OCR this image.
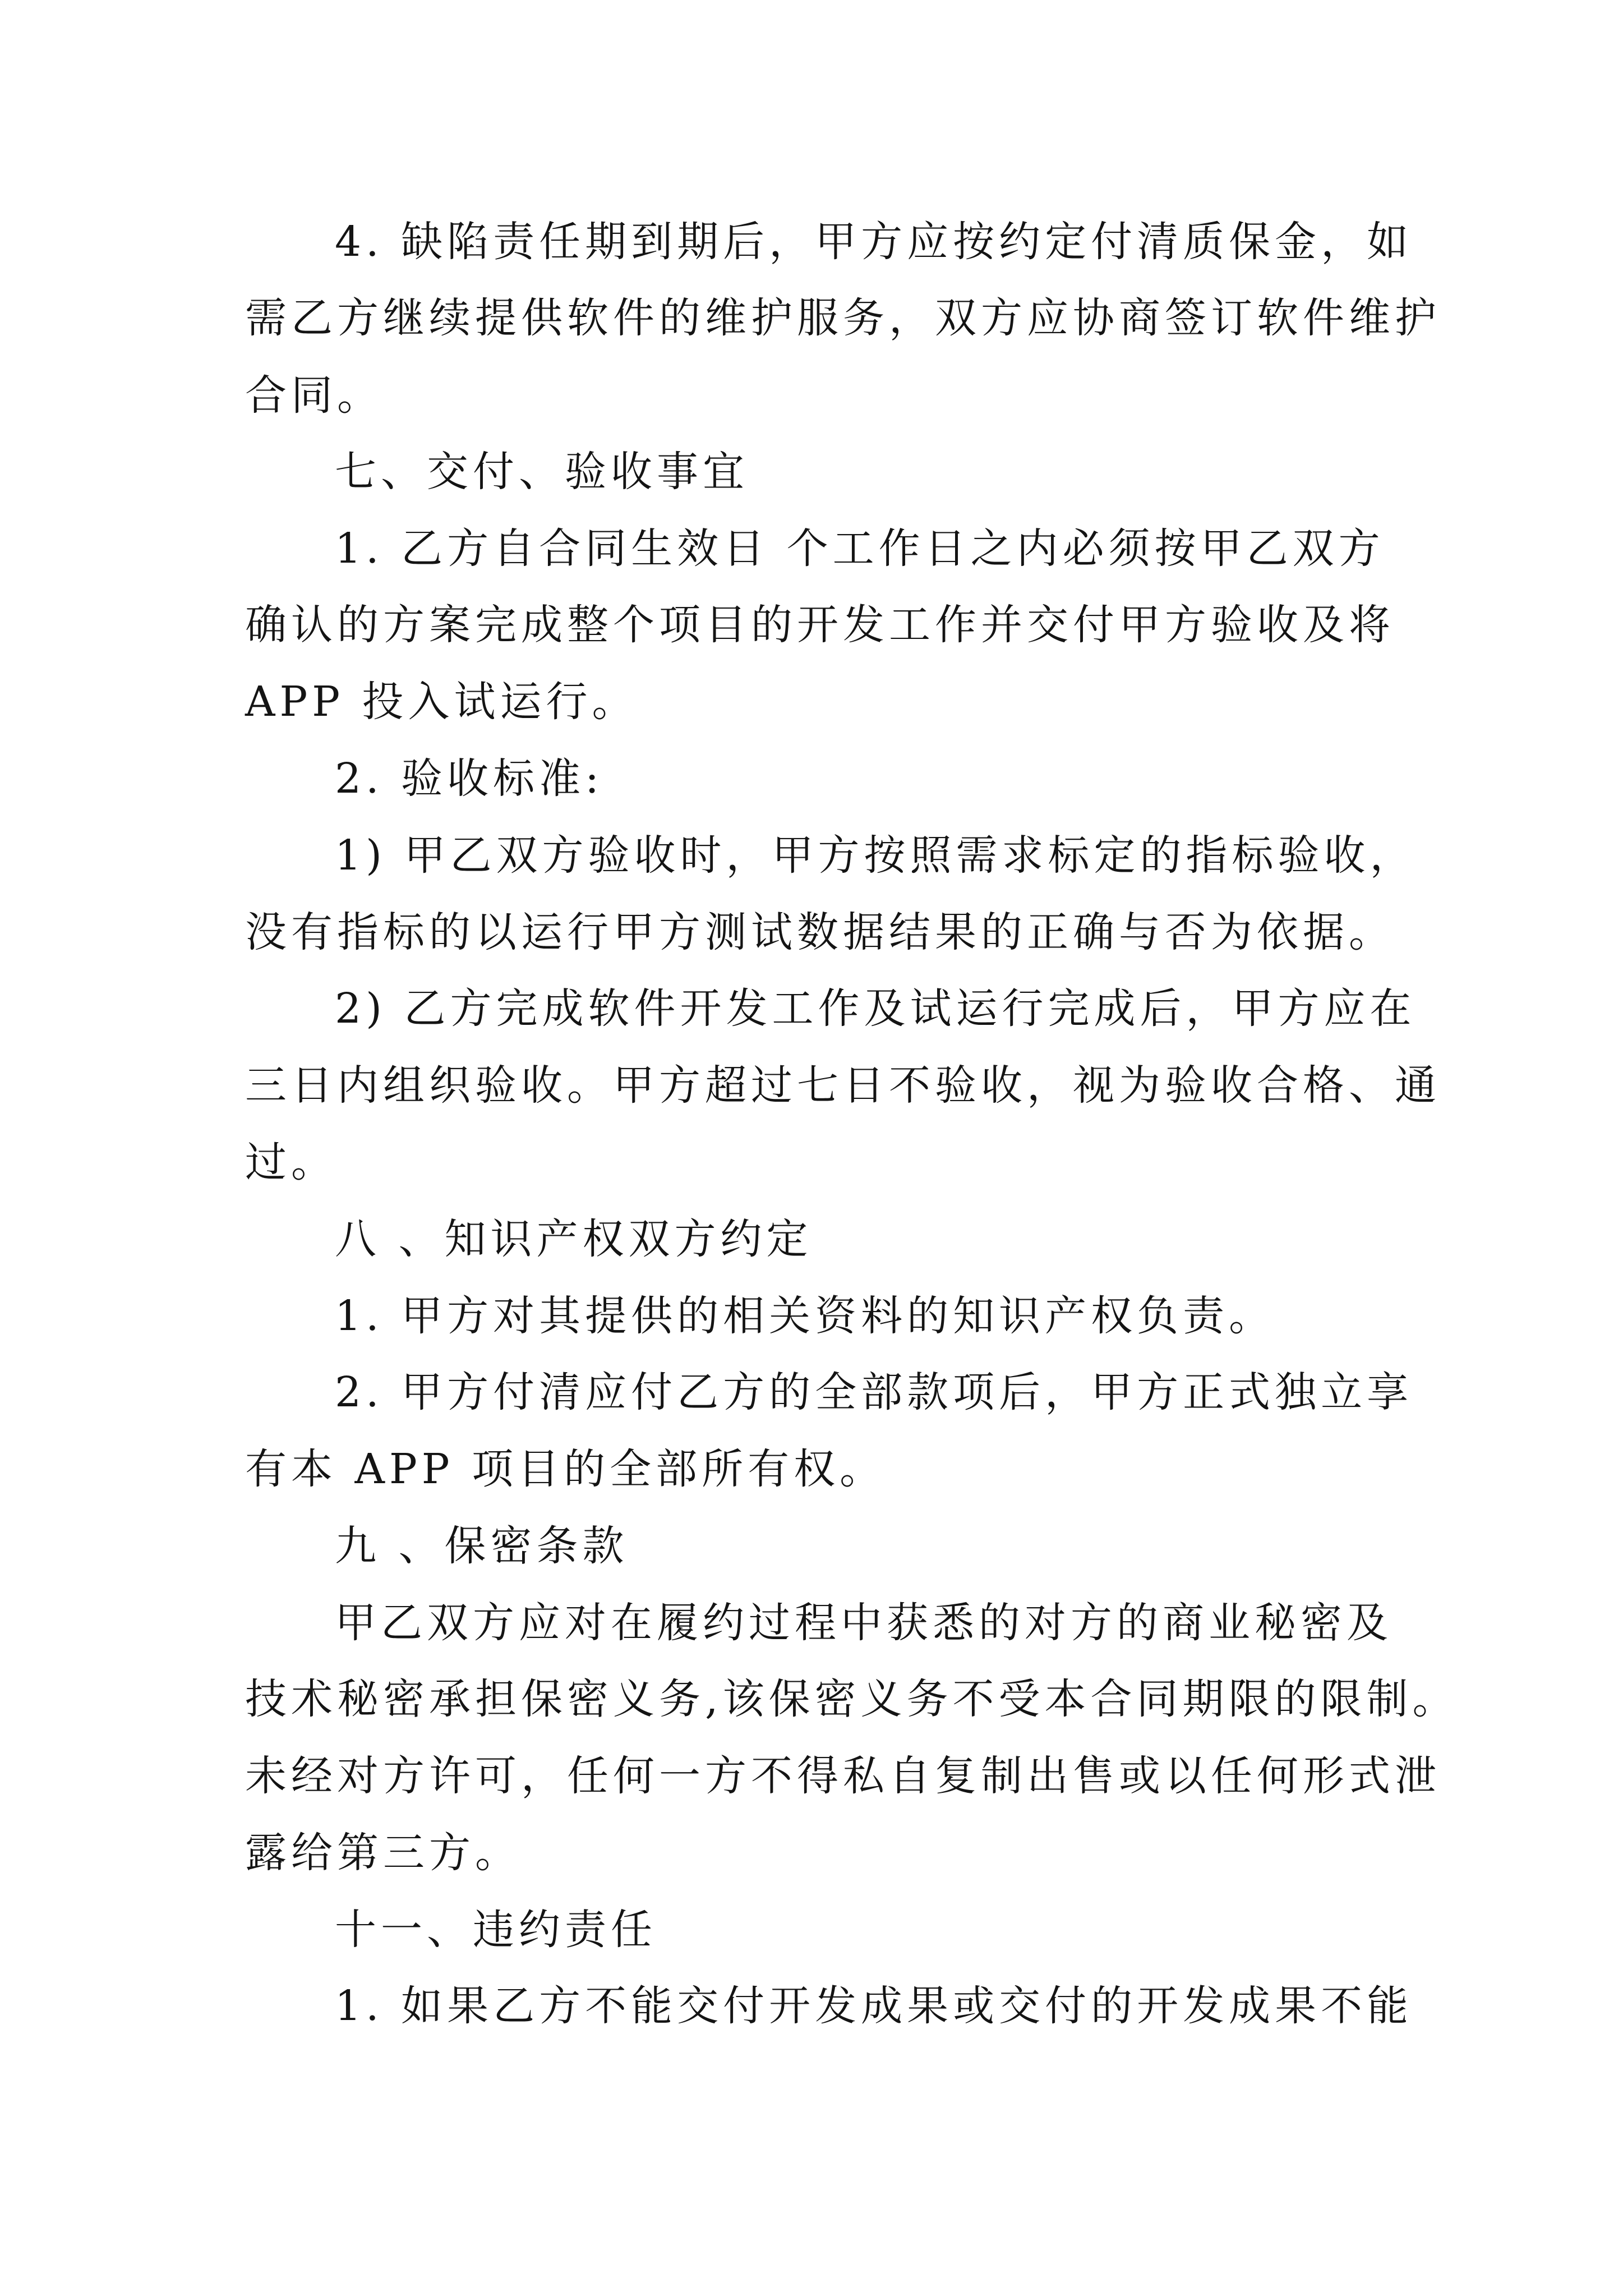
4. 缺陷责任期到期后，甲方应按约定付清质保金，如
需乙方继续提供软件的维护服务，双方应协商签订软件维护
合同。
七、交付、验收事宜
1. 乙方自合同生效日 个工作日之内必须按甲乙双方
确认的方案完成整个项目的开发工作并交付甲方验收及将
APP 投入试运行。
2. 验收标准:
1) 甲乙双方验收时，甲方按照需求标定的指标验收，
没有指标的以运行甲方测试数据结果的正确与否为依据。
2) 乙方完成软件开发工作及试运行完成后，甲方应在
三日内组织验收。甲方超过七日不验收，视为验收合格、通
过。
八 、知识产权双方约定
1. 甲方对其提供的相关资料的知识产权负责。
2. 甲方付清应付乙方的全部款项后，甲方正式独立享
有本 APP 项目的全部所有权。
九 、保密条款
甲乙双方应对在履约过程中获悉的对方的商业秘密及
技术秘密承担保密义务,该保密义务不受本合同期限的限制。
未经对方许可，任何一方不得私自复制出售或以任何形式泄
露给第三方。
十一、违约责任
1. 如果乙方不能交付开发成果或交付的开发成果不能
